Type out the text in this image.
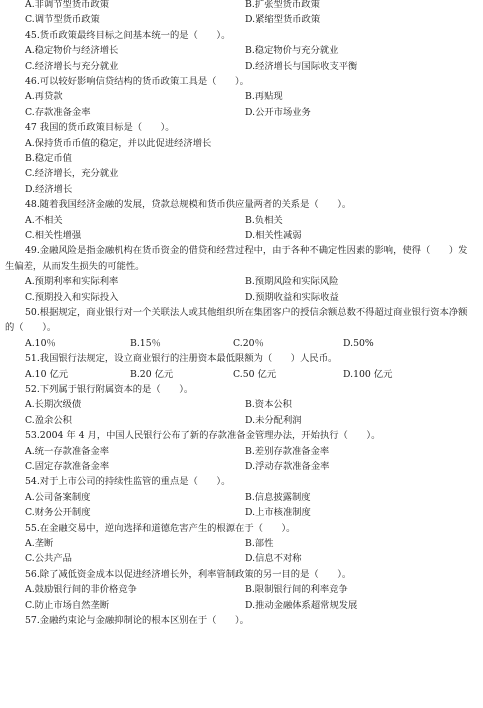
A.非调节型货币政策	B.扩张型货币政策
C.调节型货币政策	D.紧缩型货币政策
45.货币政策最终目标之间基本统一的是（　　）。
A.稳定物价与经济增长	B.稳定物价与充分就业
C.经济增长与充分就业	D.经济增长与国际收支平衡
46.可以较好影响信贷结构的货币政策工具是（　　）。
A.再贷款	B.再贴现
C.存款准备金率	D.公开市场业务
47 我国的货币政策目标是（　　）。
A.保持货币币值的稳定，并以此促进经济增长
B.稳定币值
C.经济增长，充分就业
D.经济增长
48.随着我国经济金融的发展，贷款总规模和货币供应量两者的关系是（　　）。
A.不相关	B.负相关
C.相关性增强	D.相关性减弱
49.金融风险是指金融机构在货币资金的借贷和经营过程中，由于各种不确定性因素的影响，使得（　　）发生偏差，从而发生损失的可能性。
A.预期利率和实际利率	B.预期风险和实际风险
C.预期投入和实际投入	D.预期收益和实际收益
50.根据规定，商业银行对一个关联法人或其他组织所在集团客户的授信余额总数不得超过商业银行资本净额的（　　）。
A.10％	B.15％	C.20％	D.50%
51.我国银行法规定，设立商业银行的注册资本最低限额为（　　）人民币。
A.10 亿元	B.20 亿元	C.50 亿元	D.100 亿元
52.下列属于银行附属资本的是（　　）。
A.长期次级债	B.资本公积
C.盈余公积	D.未分配利润
53.2004 年 4 月，中国人民银行公布了新的存款准备金管理办法，开始执行（　　）。
A.统一存款准备金率	B.差别存款准备金率
C.固定存款准备金率	D.浮动存款准备金率
54.对于上市公司的持续性监管的重点是（　　）。
A.公司备案制度	B.信息披露制度
C.财务公开制度	D.上市核准制度
55.在金融交易中，逆向选择和道德危害产生的根源在于（　　）。
A.垄断	B.部性
C.公共产品	D.信息不对称
56.除了减低资金成本以促进经济增长外，利率管制政策的另一目的是（　　）。
A.鼓励银行间的非价格竞争	B.限制银行间的利率竞争
C.防止市场自然垄断	D.推动金融体系超常规发展
57.金融约束论与金融抑制论的根本区别在于（　　）。
